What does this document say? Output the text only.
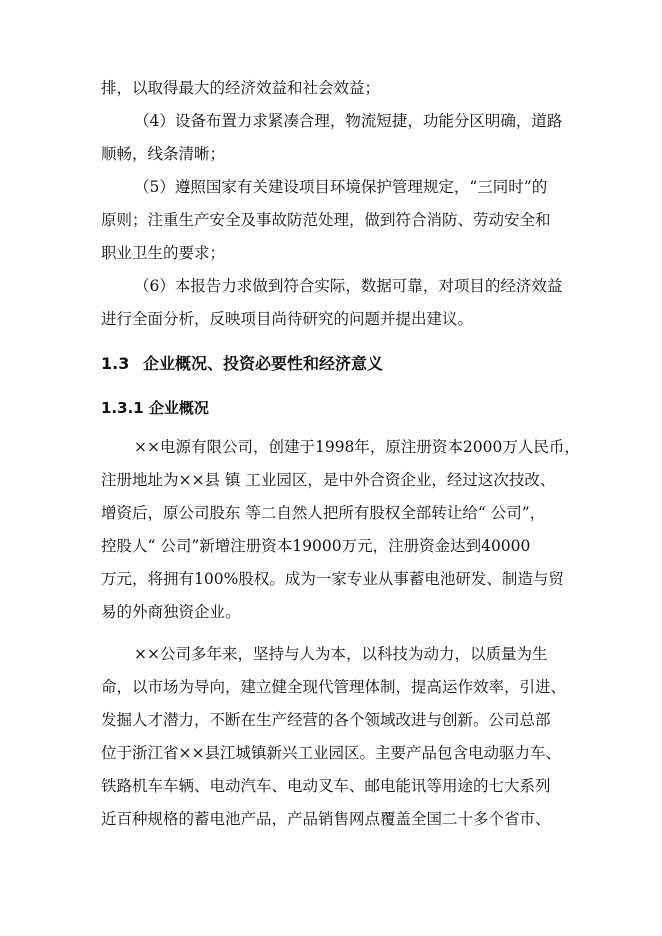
排，以取得最大的经济效益和社会效益；
（4）设备布置力求紧凑合理，物流短捷，功能分区明确，道路
顺畅，线条清晰；
（5）遵照国家有关建设项目环境保护管理规定，“三同时”的
原则；注重生产安全及事故防范处理，做到符合消防、劳动安全和
职业卫生的要求；
（6）本报告力求做到符合实际，数据可靠，对项目的经济效益
进行全面分析，反映项目尚待研究的问题并提出建议。
1.3 企业概况、投资必要性和经济意义
1.3.1 企业概况
××电源有限公司，创建于1998年，原注册资本2000万人民币，
注册地址为××县 镇 工业园区，是中外合资企业，经过这次技改、
增资后，原公司股东 等二自然人把所有股权全部转让给“ 公司”，
控股人“ 公司”新增注册资本19000万元，注册资金达到40000
万元，将拥有100%股权。成为一家专业从事蓄电池研发、制造与贸
易的外商独资企业。
××公司多年来，坚持与人为本，以科技为动力，以质量为生
命，以市场为导向，建立健全现代管理体制，提高运作效率，引进、
发掘人才潜力，不断在生产经营的各个领域改进与创新。公司总部
位于浙江省××县江城镇新兴工业园区。主要产品包含电动驱力车、
铁路机车车辆、电动汽车、电动叉车、邮电能讯等用途的七大系列
近百种规格的蓄电池产品，产品销售网点覆盖全国二十多个省市、
